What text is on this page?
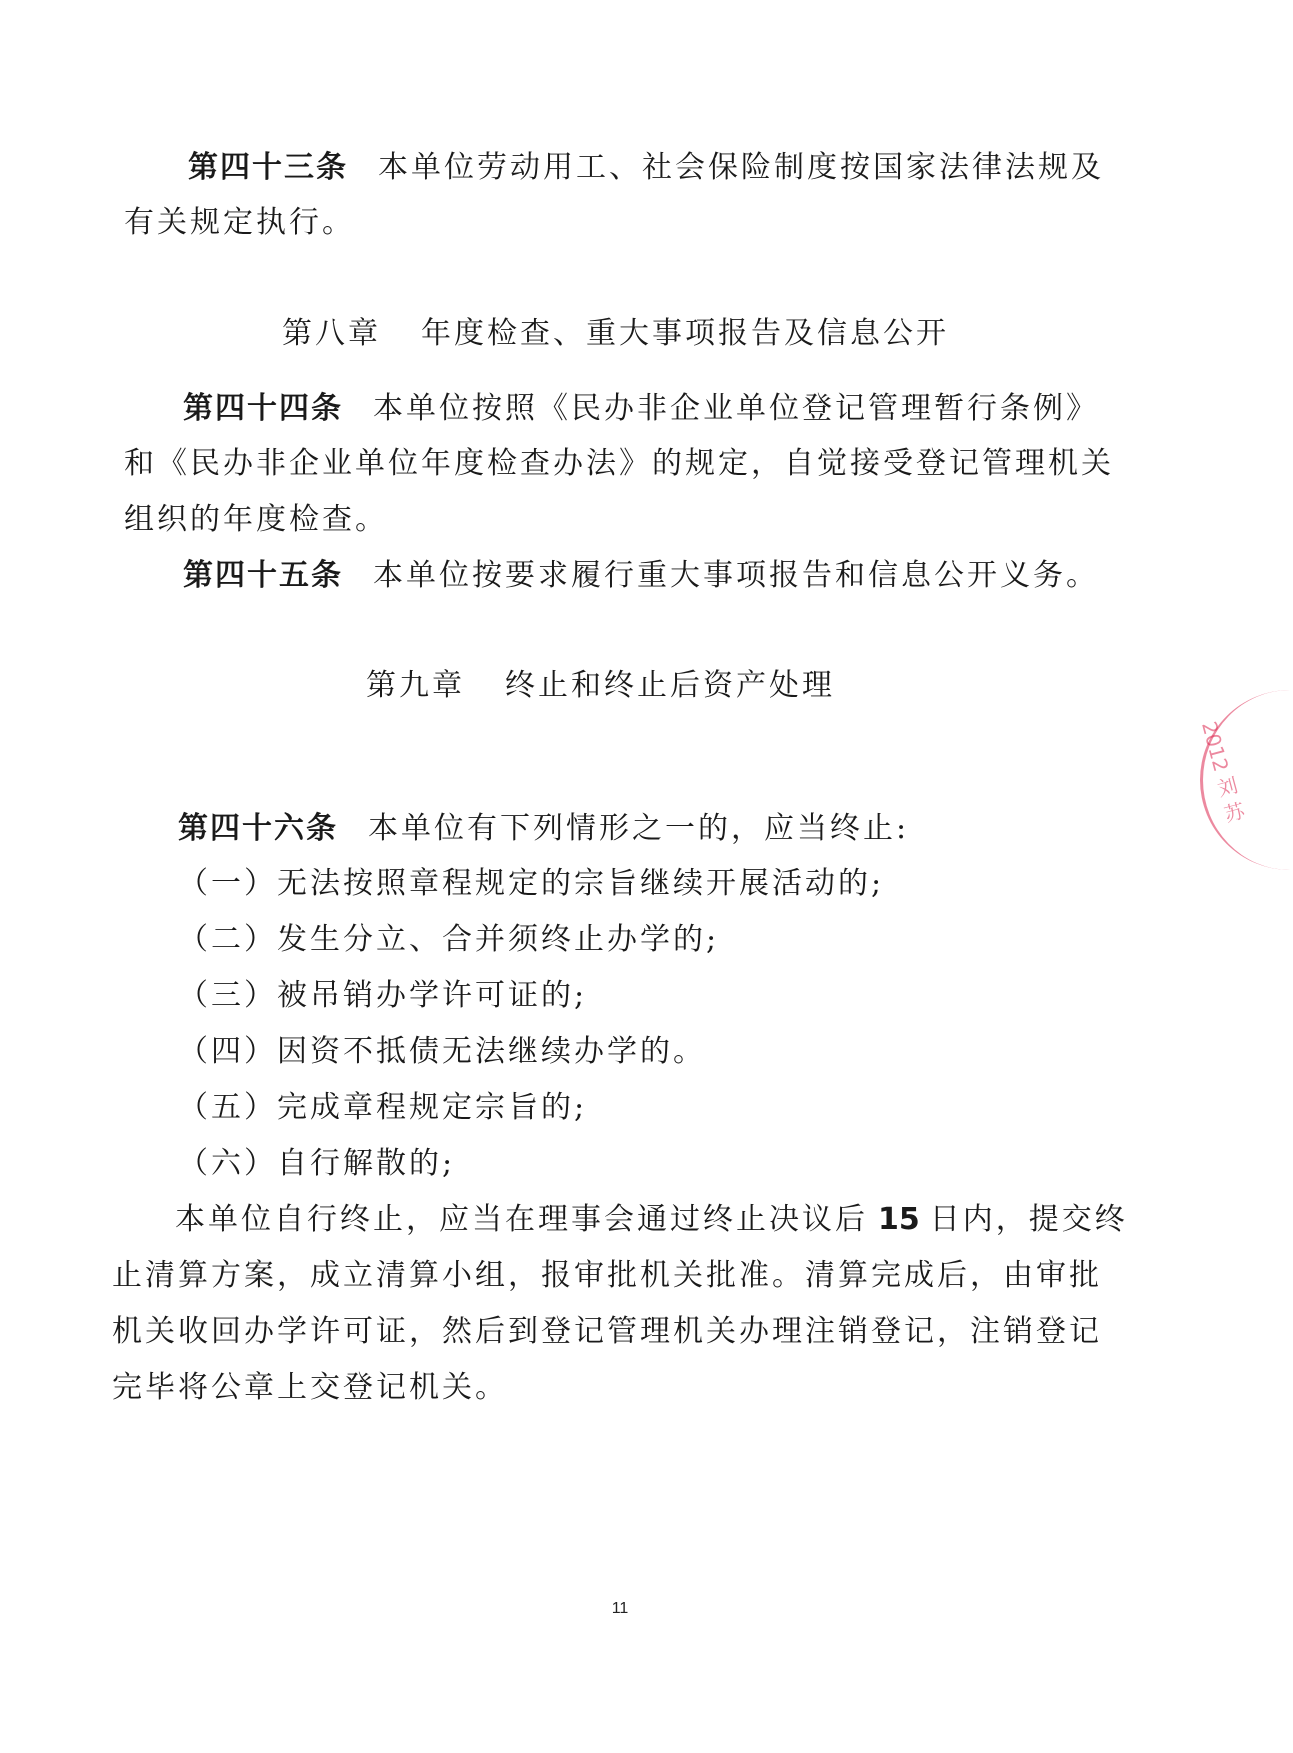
第四十三条 本单位劳动用工、社会保险制度按国家法律法规及
有关规定执行。
第八章 年度检查、重大事项报告及信息公开
第四十四条 本单位按照《民办非企业单位登记管理暂行条例》
和《民办非企业单位年度检查办法》的规定，自觉接受登记管理机关
组织的年度检查。
第四十五条 本单位按要求履行重大事项报告和信息公开义务。
第九章 终止和终止后资产处理
第四十六条 本单位有下列情形之一的，应当终止:
（一）无法按照章程规定的宗旨继续开展活动的;
（二）发生分立、合并须终止办学的;
（三）被吊销办学许可证的;
（四）因资不抵债无法继续办学的。
（五）完成章程规定宗旨的;
（六）自行解散的;
本单位自行终止，应当在理事会通过终止决议后 15 日内，提交终
止清算方案，成立清算小组，报审批机关批准。清算完成后，由审批
机关收回办学许可证，然后到登记管理机关办理注销登记，注销登记
完毕将公章上交登记机关。
11
2012 刘 苏
